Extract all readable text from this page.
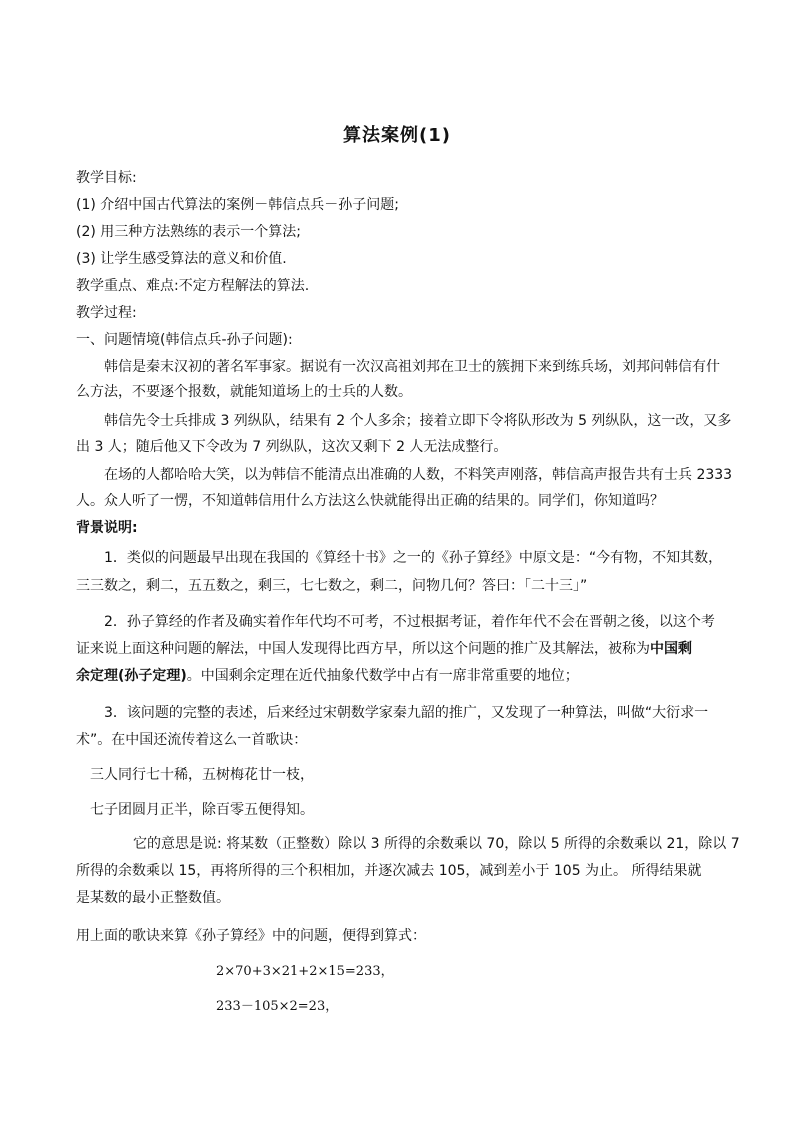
算法案例(1)
教学目标:
(1) 介绍中国古代算法的案例－韩信点兵－孙子问题;
(2) 用三种方法熟练的表示一个算法;
(3) 让学生感受算法的意义和价值.
教学重点、难点:不定方程解法的算法.
教学过程:
一、问题情境(韩信点兵-孙子问题):
韩信是秦末汉初的著名军事家。据说有一次汉高祖刘邦在卫士的簇拥下来到练兵场，刘邦问韩信有什
么方法，不要逐个报数，就能知道场上的士兵的人数。
韩信先令士兵排成 3 列纵队，结果有 2 个人多余；接着立即下令将队形改为 5 列纵队，这一改，又多
出 3 人；随后他又下令改为 7 列纵队，这次又剩下 2 人无法成整行。
在场的人都哈哈大笑，以为韩信不能清点出准确的人数，不料笑声刚落，韩信高声报告共有士兵 2333
人。众人听了一愣，不知道韩信用什么方法这么快就能得出正确的结果的。同学们，你知道吗？
背景说明:
1．类似的问题最早出现在我国的《算经十书》之一的《孙子算经》中原文是：“今有物，不知其数，
三三数之，剩二，五五数之，剩三，七七数之，剩二，问物几何？答曰：「二十三」”
2．孙子算经的作者及确实着作年代均不可考，不过根据考证，着作年代不会在晋朝之後，以这个考
证来说上面这种问题的解法，中国人发现得比西方早，所以这个问题的推广及其解法，被称为中国剩
余定理(孙子定理)。中国剩余定理在近代抽象代数学中占有一席非常重要的地位；
3．该问题的完整的表述，后来经过宋朝数学家秦九韶的推广，又发现了一种算法，叫做“大衍求一
术”。在中国还流传着这么一首歌诀：
三人同行七十稀，五树梅花廿一枝，
七子团圆月正半，除百零五便得知。
它的意思是说: 将某数（正整数）除以 3 所得的余数乘以 70，除以 5 所得的余数乘以 21，除以 7
所得的余数乘以 15，再将所得的三个积相加，并逐次减去 105，减到差小于 105 为止。 所得结果就
是某数的最小正整数值。
用上面的歌诀来算《孙子算经》中的问题，便得到算式：
2×70+3×21+2×15=233，
233－105×2=23，
